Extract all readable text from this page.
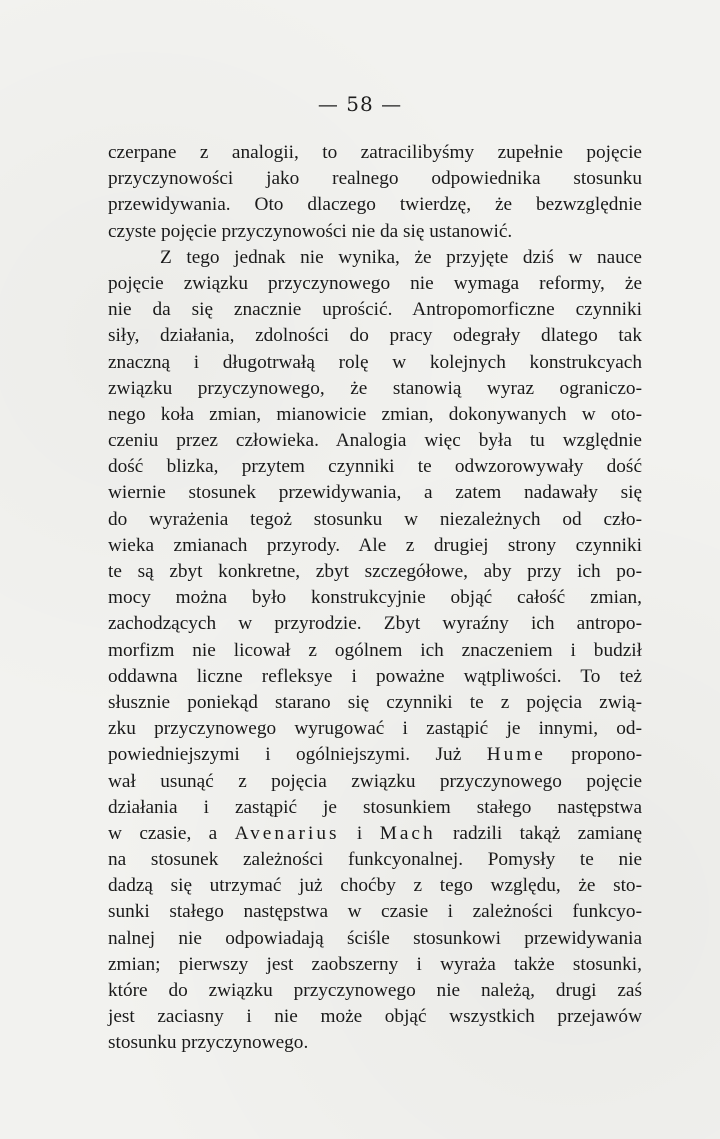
— 58 —
czerpane z analogii, to zatracilibyśmy zupełnie pojęcie
przyczynowości jako realnego odpowiednika stosunku
przewidywania. Oto dlaczego twierdzę, że bezwzględnie
czyste pojęcie przyczynowości nie da się ustanowić.
Z tego jednak nie wynika, że przyjęte dziś w nauce
pojęcie związku przyczynowego nie wymaga reformy, że
nie da się znacznie uprościć. Antropomorficzne czynniki
siły, działania, zdolności do pracy odegrały dlatego tak
znaczną i długotrwałą rolę w kolejnych konstrukcyach
związku przyczynowego, że stanowią wyraz ograniczo-
nego koła zmian, mianowicie zmian, dokonywanych w oto-
czeniu przez człowieka. Analogia więc była tu względnie
dość blizka, przytem czynniki te odwzorowywały dość
wiernie stosunek przewidywania, a zatem nadawały się
do wyrażenia tegoż stosunku w niezależnych od czło-
wieka zmianach przyrody. Ale z drugiej strony czynniki
te są zbyt konkretne, zbyt szczegółowe, aby przy ich po-
mocy można było konstrukcyjnie objąć całość zmian,
zachodzących w przyrodzie. Zbyt wyraźny ich antropo-
morfizm nie licował z ogólnem ich znaczeniem i budził
oddawna liczne refleksye i poważne wątpliwości. To też
słusznie poniekąd starano się czynniki te z pojęcia zwią-
zku przyczynowego wyrugować i zastąpić je innymi, od-
powiedniejszymi i ogólniejszymi. Już Hume propono-
wał usunąć z pojęcia związku przyczynowego pojęcie
działania i zastąpić je stosunkiem stałego następstwa
w czasie, a Avenarius i Mach radzili takąż zamianę
na stosunek zależności funkcyonalnej. Pomysły te nie
dadzą się utrzymać już choćby z tego względu, że sto-
sunki stałego następstwa w czasie i zależności funkcyo-
nalnej nie odpowiadają ściśle stosunkowi przewidywania
zmian; pierwszy jest zaobszerny i wyraża także stosunki,
które do związku przyczynowego nie należą, drugi zaś
jest zaciasny i nie może objąć wszystkich przejawów
stosunku przyczynowego.
